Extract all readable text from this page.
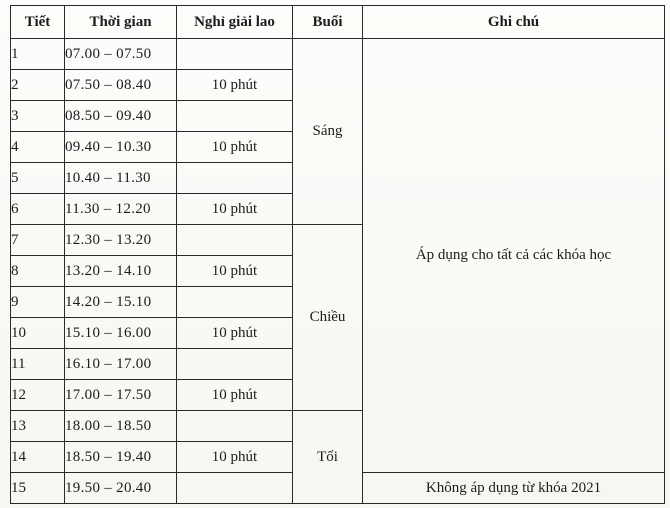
Tiết	Thời gian	Nghỉ giải lao	Buổi	Ghi chú
1	07.00 – 07.50		Sáng	Áp dụng cho tất cả các khóa học
2	07.50 – 08.40	10 phút		
3	08.50 – 09.40			
4	09.40 – 10.30	10 phút		
5	10.40 – 11.30			
6	11.30 – 12.20	10 phút		
7	12.30 – 13.20		Chiều	
8	13.20 – 14.10	10 phút		
9	14.20 – 15.10			
10	15.10 – 16.00	10 phút		
11	16.10 – 17.00			
12	17.00 – 17.50	10 phút		
13	18.00 – 18.50		Tối	
14	18.50 – 19.40	10 phút		
15	19.50 – 20.40			Không áp dụng từ khóa 2021
